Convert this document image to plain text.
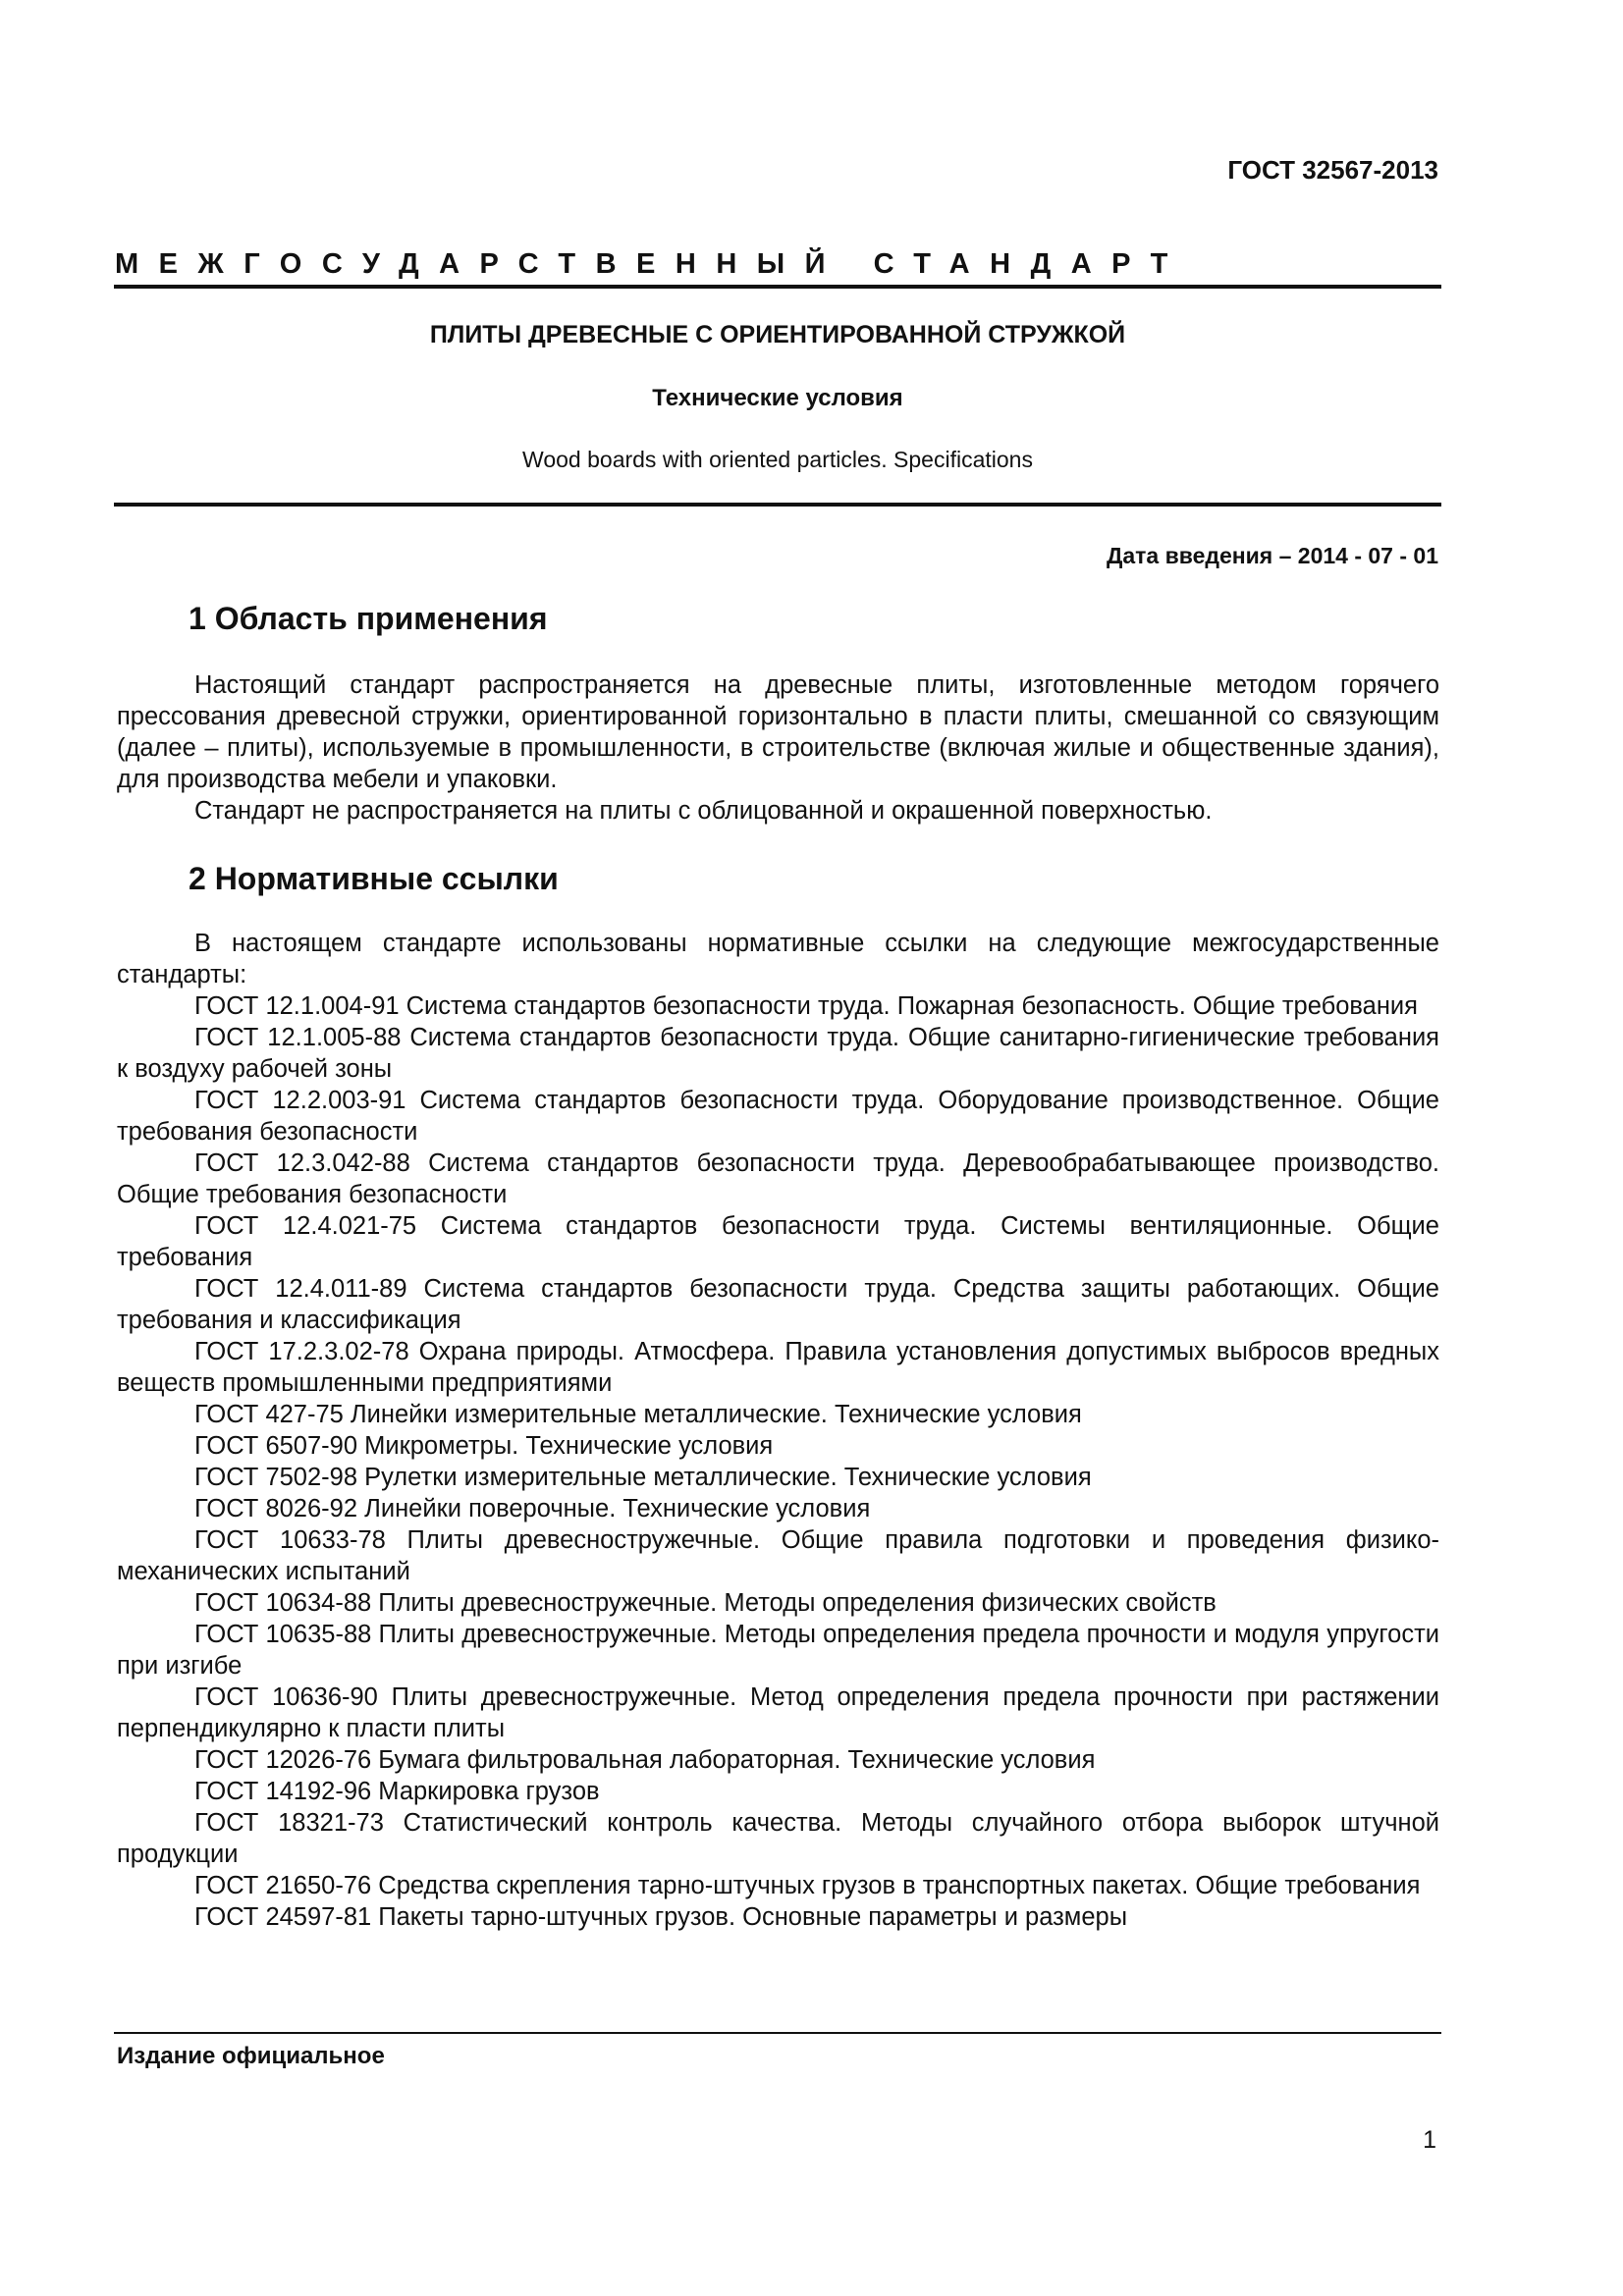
ГОСТ 32567-2013
МЕЖГОСУДАРСТВЕННЫЙ СТАНДАРТ
ПЛИТЫ ДРЕВЕСНЫЕ С ОРИЕНТИРОВАННОЙ СТРУЖКОЙ
Технические условия
Wood boards with oriented particles. Specifications
Дата введения – 2014 - 07 - 01
1 Область применения

Настоящий стандарт распространяется на древесные плиты, изготовленные методом горячего прессования древесной стружки, ориентированной горизонтально в пласти плиты, смешанной со связующим (далее – плиты), используемые в промышленности, в строительстве (включая жилые и общественные здания), для производства мебели и упаковки.

Стандарт не распространяется на плиты с облицованной и окрашенной поверхностью.

2 Нормативные ссылки

В настоящем стандарте использованы нормативные ссылки на следующие межгосударственные стандарты:

ГОСТ 12.1.004-91 Система стандартов безопасности труда. Пожарная безопасность. Общие требования

ГОСТ 12.1.005-88 Система стандартов безопасности труда. Общие санитарно-гигиенические требования к воздуху рабочей зоны

ГОСТ 12.2.003-91 Система стандартов безопасности труда. Оборудование производственное. Общие требования безопасности

ГОСТ 12.3.042-88 Система стандартов безопасности труда. Деревообрабатывающее производство. Общие требования безопасности

ГОСТ 12.4.021-75 Система стандартов безопасности труда. Системы вентиляционные. Общие требования

ГОСТ 12.4.011-89 Система стандартов безопасности труда. Средства защиты работающих. Общие требования и классификация

ГОСТ 17.2.3.02-78 Охрана природы. Атмосфера. Правила установления допустимых выбросов вредных веществ промышленными предприятиями

ГОСТ 427-75 Линейки измерительные металлические. Технические условия

ГОСТ 6507-90 Микрометры. Технические условия

ГОСТ 7502-98 Рулетки измерительные металлические. Технические условия

ГОСТ 8026-92 Линейки поверочные. Технические условия

ГОСТ 10633-78 Плиты древесностружечные. Общие правила подготовки и проведения физико-механических испытаний

ГОСТ 10634-88 Плиты древесностружечные. Методы определения физических свойств

ГОСТ 10635-88 Плиты древесностружечные. Методы определения предела прочности и модуля упругости при изгибе

ГОСТ 10636-90 Плиты древесностружечные. Метод определения предела прочности при растяжении перпендикулярно к пласти плиты

ГОСТ 12026-76 Бумага фильтровальная лабораторная. Технические условия

ГОСТ 14192-96 Маркировка грузов

ГОСТ 18321-73 Статистический контроль качества. Методы случайного отбора выборок штучной продукции

ГОСТ 21650-76 Средства скрепления тарно-штучных грузов в транспортных пакетах. Общие требования

ГОСТ 24597-81 Пакеты тарно-штучных грузов. Основные параметры и размеры

Издание официальное
1
